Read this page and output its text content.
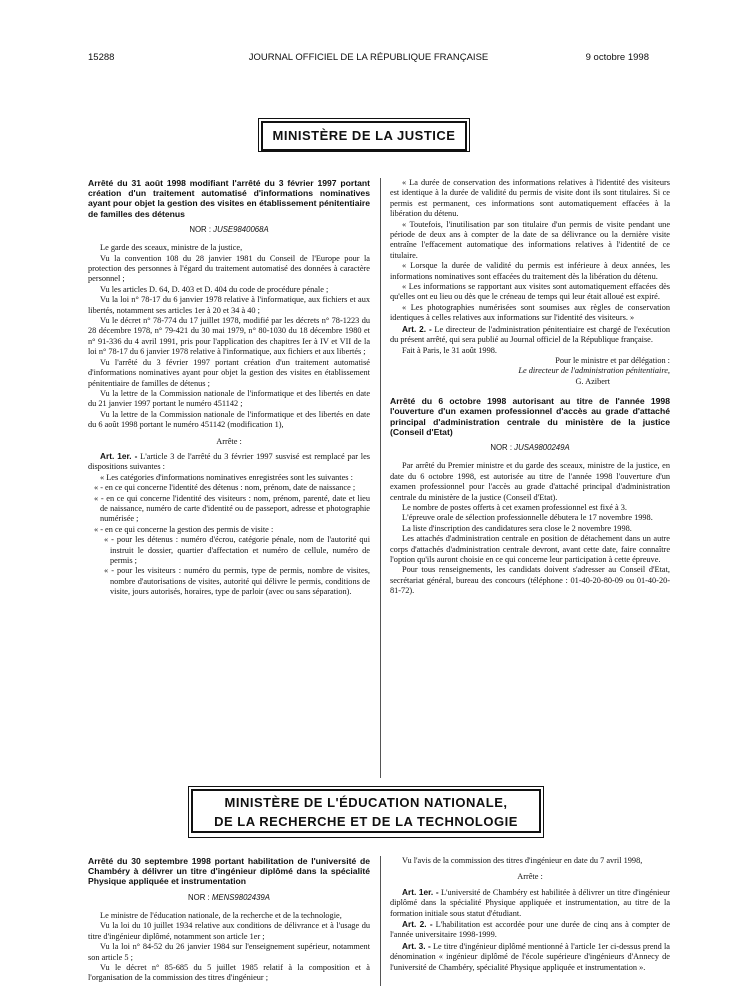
15288	JOURNAL OFFICIEL DE LA RÉPUBLIQUE FRANÇAISE	9 octobre 1998
MINISTÈRE DE LA JUSTICE
Arrêté du 31 août 1998 modifiant l'arrêté du 3 février 1997 portant création d'un traitement automatisé d'informations nominatives ayant pour objet la gestion des visites en établissement pénitentiaire de familles des détenus
NOR : JUSE9840068A

Le garde des sceaux, ministre de la justice,

Vu la convention 108 du 28 janvier 1981 du Conseil de l'Europe pour la protection des personnes à l'égard du traitement automatisé des données à caractère personnel ;

Vu les articles D. 64, D. 403 et D. 404 du code de procédure pénale ;

Vu la loi n° 78-17 du 6 janvier 1978 relative à l'informatique, aux fichiers et aux libertés, notamment ses articles 1er à 20 et 34 à 40 ;

Vu le décret n° 78-774 du 17 juillet 1978, modifié par les décrets n° 78-1223 du 28 décembre 1978, n° 79-421 du 30 mai 1979, n° 80-1030 du 18 décembre 1980 et n° 91-336 du 4 avril 1991, pris pour l'application des chapitres Ier à IV et VII de la loi n° 78-17 du 6 janvier 1978 relative à l'informatique, aux fichiers et aux libertés ;

Vu l'arrêté du 3 février 1997 portant création d'un traitement automatisé d'informations nominatives ayant pour objet la gestion des visites en établissement pénitentiaire de familles de détenus ;

Vu la lettre de la Commission nationale de l'informatique et des libertés en date du 21 janvier 1997 portant le numéro 451142 ;

Vu la lettre de la Commission nationale de l'informatique et des libertés en date du 6 août 1998 portant le numéro 451142 (modification 1),

Arrête :

Art. 1er. - L'article 3 de l'arrêté du 3 février 1997 susvisé est remplacé par les dispositions suivantes :

« Les catégories d'informations nominatives enregistrées sont les suivantes :

« - en ce qui concerne l'identité des détenus : nom, prénom, date de naissance ;

« - en ce qui concerne l'identité des visiteurs : nom, prénom, parenté, date et lieu de naissance, numéro de carte d'identité ou de passeport, adresse et photographie numérisée ;

« - en ce qui concerne la gestion des permis de visite :

« - pour les détenus : numéro d'écrou, catégorie pénale, nom de l'autorité qui instruit le dossier, quartier d'affectation et numéro de cellule, numéro de permis ;

« - pour les visiteurs : numéro du permis, type de permis, nombre de visites, nombre d'autorisations de visites, autorité qui délivre le permis, conditions de visite, jours autorisés, horaires, type de parloir (avec ou sans séparation).

« La durée de conservation des informations relatives à l'identité des visiteurs est identique à la durée de validité du permis de visite dont ils sont titulaires. Si ce permis est permanent, ces informations sont automatiquement effacées à la libération du détenu.

« Toutefois, l'inutilisation par son titulaire d'un permis de visite pendant une période de deux ans à compter de la date de sa délivrance ou la dernière visite entraîne l'effacement automatique des informations relatives à l'identité de ce titulaire.

« Lorsque la durée de validité du permis est inférieure à deux années, les informations nominatives sont effacées du traitement dès la libération du détenu.

« Les informations se rapportant aux visites sont automatiquement effacées dès qu'elles ont eu lieu ou dès que le créneau de temps qui leur était alloué est expiré.

« Les photographies numérisées sont soumises aux règles de conservation identiques à celles relatives aux informations sur l'identité des visiteurs. »

Art. 2. - Le directeur de l'administration pénitentiaire est chargé de l'exécution du présent arrêté, qui sera publié au Journal officiel de la République française.

Fait à Paris, le 31 août 1998.

Pour le ministre et par délégation :

Le directeur de l'administration pénitentiaire,

G. Azibert

Arrêté du 6 octobre 1998 autorisant au titre de l'année 1998 l'ouverture d'un examen professionnel d'accès au grade d'attaché principal d'administration centrale du ministère de la justice (Conseil d'Etat)
NOR : JUSA9800249A

Par arrêté du Premier ministre et du garde des sceaux, ministre de la justice, en date du 6 octobre 1998, est autorisée au titre de l'année 1998 l'ouverture d'un examen professionnel pour l'accès au grade d'attaché principal d'administration centrale du ministère de la justice (Conseil d'Etat).

Le nombre de postes offerts à cet examen professionnel est fixé à 3.

L'épreuve orale de sélection professionnelle débutera le 17 novembre 1998.

La liste d'inscription des candidatures sera close le 2 novembre 1998.

Les attachés d'administration centrale en position de détachement dans un autre corps d'attachés d'administration centrale devront, avant cette date, faire connaître l'option qu'ils auront choisie en ce qui concerne leur participation à cette épreuve.

Pour tous renseignements, les candidats doivent s'adresser au Conseil d'Etat, secrétariat général, bureau des concours (téléphone : 01-40-20-80-09 ou 01-40-20-81-72).

MINISTÈRE DE L'ÉDUCATION NATIONALE,
DE LA RECHERCHE ET DE LA TECHNOLOGIE
Arrêté du 30 septembre 1998 portant habilitation de l'université de Chambéry à délivrer un titre d'ingénieur diplômé dans la spécialité Physique appliquée et instrumentation
NOR : MENS9802439A

Le ministre de l'éducation nationale, de la recherche et de la technologie,

Vu la loi du 10 juillet 1934 relative aux conditions de délivrance et à l'usage du titre d'ingénieur diplômé, notamment son article 1er ;

Vu la loi n° 84-52 du 26 janvier 1984 sur l'enseignement supérieur, notamment son article 5 ;

Vu le décret n° 85-685 du 5 juillet 1985 relatif à la composition et à l'organisation de la commission des titres d'ingénieur ;

Vu l'avis de la commission des titres d'ingénieur en date du 7 avril 1998,

Arrête :

Art. 1er. - L'université de Chambéry est habilitée à délivrer un titre d'ingénieur diplômé dans la spécialité Physique appliquée et instrumentation, au titre de la formation initiale sous statut d'étudiant.

Art. 2. - L'habilitation est accordée pour une durée de cinq ans à compter de l'année universitaire 1998-1999.

Art. 3. - Le titre d'ingénieur diplômé mentionné à l'article 1er ci-dessus prend la dénomination « ingénieur diplômé de l'école supérieure d'ingénieurs d'Annecy de l'université de Chambéry, spécialité Physique appliquée et instrumentation ».
